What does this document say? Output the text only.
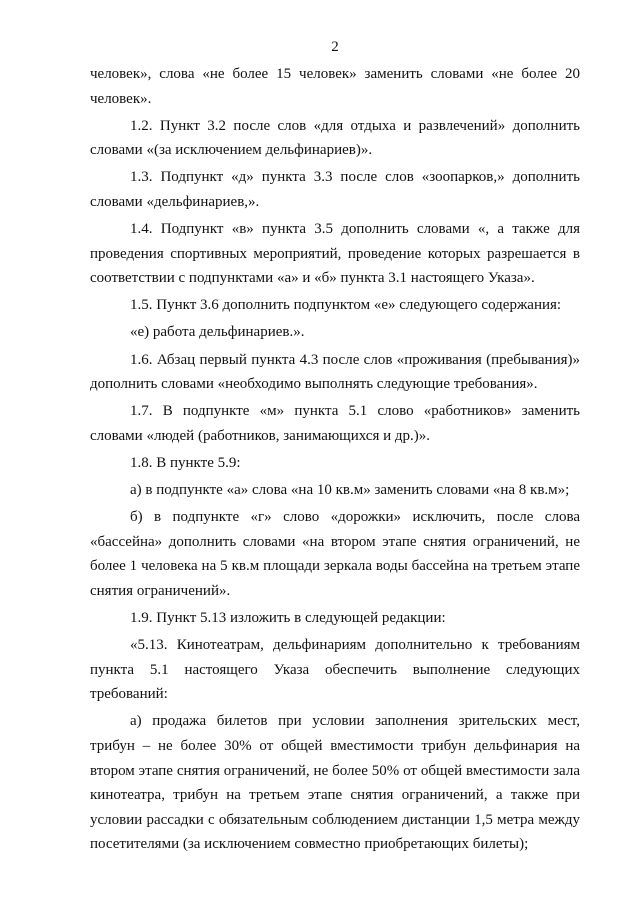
2

человек», слова «не более 15 человек» заменить словами «не более 20 человек».

1.2. Пункт 3.2 после слов «для отдыха и развлечений» дополнить словами «(за исключением дельфинариев)».

1.3. Подпункт «д» пункта 3.3 после слов «зоопарков,» дополнить словами «дельфинариев,».

1.4. Подпункт «в» пункта 3.5 дополнить словами «, а также для проведения спортивных мероприятий, проведение которых разрешается в соответствии с подпунктами «а» и «б» пункта 3.1 настоящего Указа».

1.5. Пункт 3.6 дополнить подпунктом «е» следующего содержания:

«е) работа дельфинариев.».

1.6. Абзац первый пункта 4.3 после слов «проживания (пребывания)» дополнить словами «необходимо выполнять следующие требования».

1.7. В подпункте «м» пункта 5.1 слово «работников» заменить словами «людей (работников, занимающихся и др.)».

1.8. В пункте 5.9:

а) в подпункте «а» слова «на 10 кв.м» заменить словами «на 8 кв.м»;

б) в подпункте «г» слово «дорожки» исключить, после слова «бассейна» дополнить словами «на втором этапе снятия ограничений, не более 1 человека на 5 кв.м площади зеркала воды бассейна на третьем этапе снятия ограничений».

1.9. Пункт 5.13 изложить в следующей редакции:

«5.13. Кинотеатрам, дельфинариям дополнительно к требованиям пункта 5.1 настоящего Указа обеспечить выполнение следующих требований:

а) продажа билетов при условии заполнения зрительских мест, трибун – не более 30% от общей вместимости трибун дельфинария на втором этапе снятия ограничений, не более 50% от общей вместимости зала кинотеатра, трибун на третьем этапе снятия ограничений, а также при условии рассадки с обязательным соблюдением дистанции 1,5 метра между посетителями (за исключением совместно приобретающих билеты);
